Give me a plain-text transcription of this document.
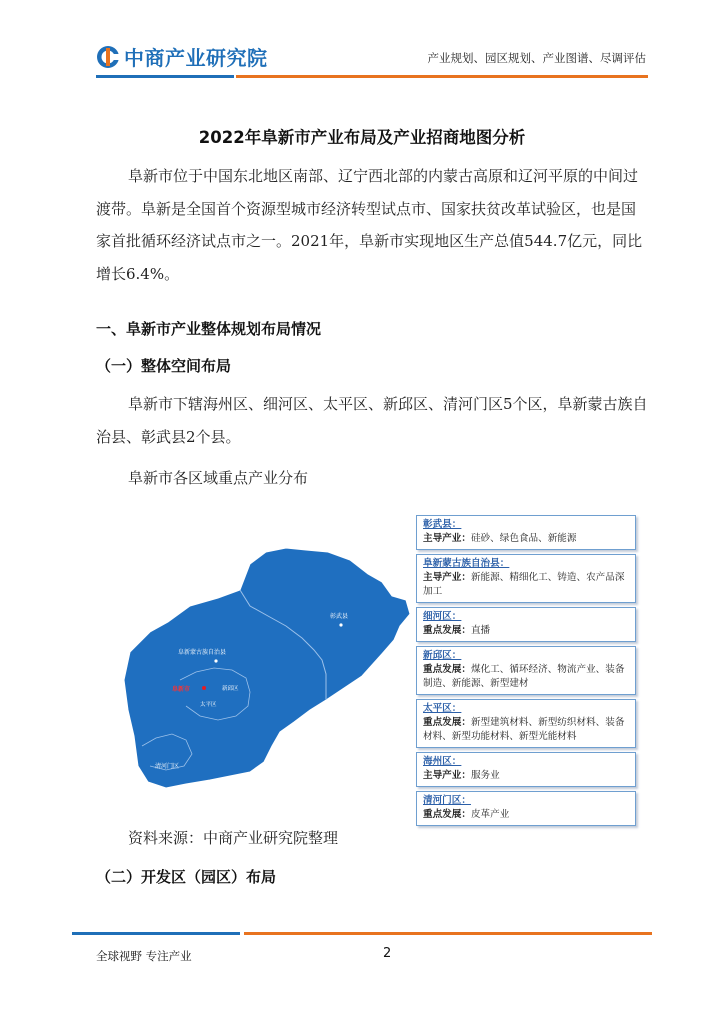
中商产业研究院	产业规划、园区规划、产业图谱、尽调评估
2022年阜新市产业布局及产业招商地图分析
阜新市位于中国东北地区南部、辽宁西北部的内蒙古高原和辽河平原的中间过渡带。阜新是全国首个资源型城市经济转型试点市、国家扶贫改革试验区，也是国家首批循环经济试点市之一。2021年，阜新市实现地区生产总值544.7亿元，同比增长6.4%。
一、阜新市产业整体规划布局情况
（一）整体空间布局
阜新市下辖海州区、细河区、太平区、新邱区、清河门区5个区，阜新蒙古族自治县、彰武县2个县。
阜新市各区域重点产业分布
彰武县
阜新蒙古族自治县
阜新市	新邱区
太平区
清河门区
彰武县：
主导产业：硅砂、绿色食品、新能源
阜新蒙古族自治县：
主导产业：新能源、精细化工、铸造、农产品深加工
细河区：
重点发展：直播
新邱区：
重点发展：煤化工、循环经济、物流产业、装备制造、新能源、新型建材
太平区：
重点发展：新型建筑材料、新型纺织材料、装备材料、新型功能材料、新型光能材料
海州区：
主导产业：服务业
清河门区：
重点发展：皮革产业
资料来源：中商产业研究院整理
（二）开发区（园区）布局
全球视野 专注产业	2
